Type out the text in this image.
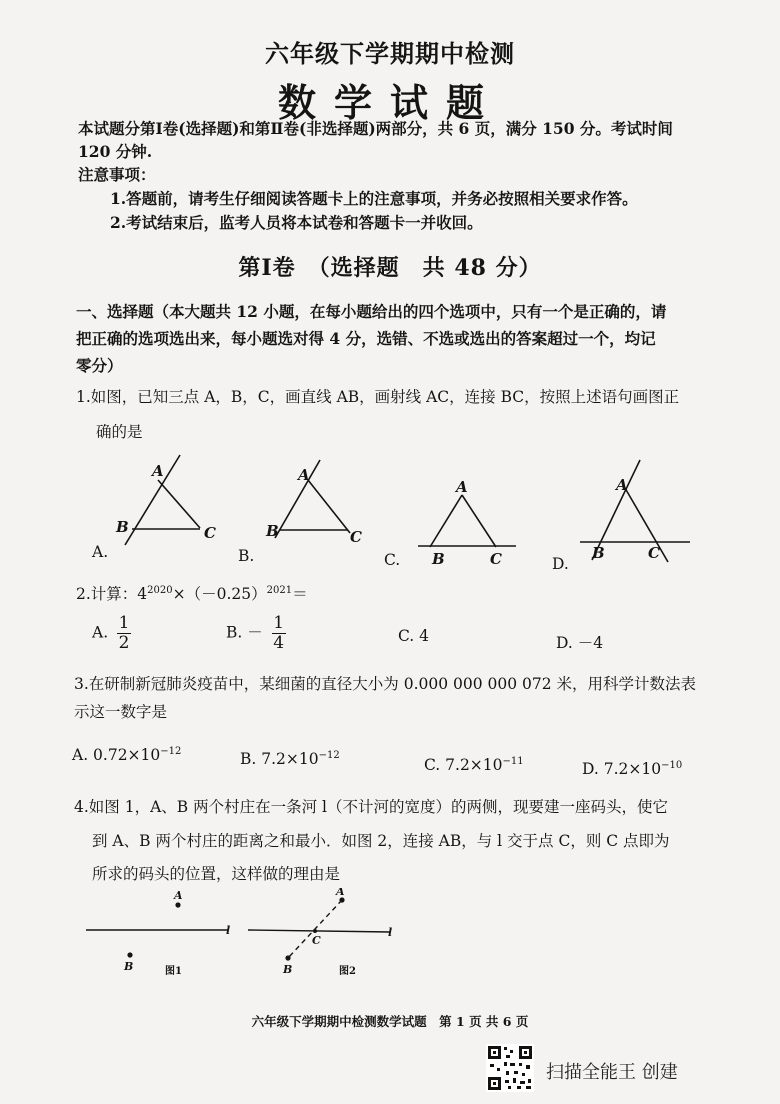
六年级下学期期中检测
数学试题
本试题分第Ⅰ卷(选择题)和第Ⅱ卷(非选择题)两部分，共 6 页，满分 150 分。考试时间
120 分钟.
注意事项：
1.答题前，请考生仔细阅读答题卡上的注意事项，并务必按照相关要求作答。
2.考试结束后，监考人员将本试卷和答题卡一并收回。
第Ⅰ卷　（选择题　共 48 分）
一、选择题（本大题共 12 小题，在每小题给出的四个选项中，只有一个是正确的，请
把正确的选项选出来，每小题选对得 4 分，选错、不选或选出的答案超过一个，均记
零分）
1.如图，已知三点 A，B，C，画直线 AB，画射线 AC，连接 BC，按照上述语句画图正
确的是
A
B	C
A
B	C
A
B	C
A
B	C
A.	B.	C.	D.
2.计算：$4^{2020}\times(-0.25)^{2021}=$
A. $\frac{1}{2}$	B. － $\frac{1}{4}$	C. 4	D. －4
3.在研制新冠肺炎疫苗中，某细菌的直径大小为 0.000 000 000 072 米，用科学计数法表
示这一数字是
A. $0.72\times 10^{-12}$	B. $7.2\times 10^{-12}$
C. $7.2\times 10^{-11}$	D. $7.2\times 10^{-10}$
4.如图 1，A、B 两个村庄在一条河 l（不计河的宽度）的两侧，现要建一座码头，使它
到 A、B 两个村庄的距离之和最小．如图 2，连接 AB，与 l 交于点 C，则 C 点即为
所求的码头的位置，这样做的理由是
A
B
l
A
B
C
l
图1	图2
六年级下学期期中检测数学试题　第 1 页 共 6 页
扫描全能王 创建
